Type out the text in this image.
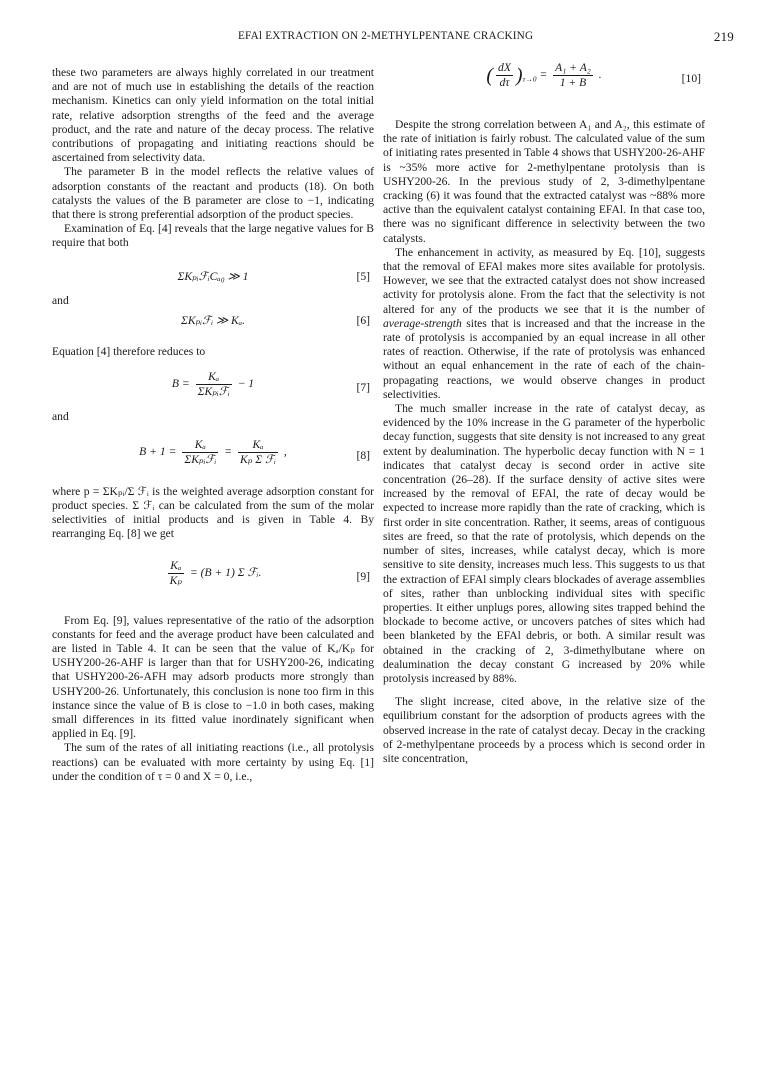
EFAl EXTRACTION ON 2-METHYLPENTANE CRACKING	219

these two parameters are always highly correlated in our treatment and are not of much use in establishing the details of the reaction mechanism. Kinetics can only yield information on the total initial rate, relative adsorption strengths of the feed and the average product, and the rate and nature of the decay process. The relative contributions of propagating and initiating reactions should be ascertained from selectivity data.

The parameter B in the model reflects the relative values of adsorption constants of the reactant and products (18). On both catalysts the values of the B parameter are close to −1, indicating that there is strong preferential adsorption of the product species.

Examination of Eq. [4] reveals that the large negative values for B require that both

ΣKₚᵢℱᵢCₐ₀ ≫ 1	[5]
and
ΣKₚᵢℱᵢ ≫ Kₐ.	[6]

Equation [4] therefore reduces to

$B = \frac{\text{Kₐ}}{\text{ΣKₚᵢℱᵢ}} - 1$	[7]
and
$B + 1 = \frac{\text{Kₐ}}{\text{ΣKₚᵢℱᵢ}} = \frac{\text{Kₐ}}{\text{Kₚ Σ ℱᵢ}}$ ,	[8]

where p = ΣKₚᵢ/Σ ℱᵢ is the weighted average adsorption constant for product species. Σ ℱᵢ can be calculated from the sum of the molar selectivities of initial products and is given in Table 4. By rearranging Eq. [8] we get

$\frac{\text{Kₐ}}{\text{Kₚ}} = (B + 1)$ Σ ℱᵢ.	[9]

From Eq. [9], values representative of the ratio of the adsorption constants for feed and the average product have been calculated and are listed in Table 4. It can be seen that the value of Kₐ/Kₚ for USHY200-26-AHF is larger than that for USHY200-26, indicating that USHY200-26-AFH may adsorb products more strongly than USHY200-26. Unfortunately, this conclusion is none too firm in this instance since the value of B is close to −1.0 in both cases, making small differences in its fitted value inordinately significant when applied in Eq. [9].

The sum of the rates of all initiating reactions (i.e., all protolysis reactions) can be evaluated with more certainty by using Eq. [1] under the condition of τ = 0 and X = 0, i.e.,

( $\frac{dX}{d\tau} )_{\tau\to 0} = \frac{\text{A₁ + A₂}}{1 + B}$ .	[10]

Despite the strong correlation between A₁ and A₂, this estimate of the rate of initiation is fairly robust. The calculated value of the sum of initiating rates presented in Table 4 shows that USHY200-26-AHF is ~35% more active for 2-methylpentane protolysis than is USHY200-26. In the previous study of 2, 3-dimethylpentane cracking (6) it was found that the extracted catalyst was ~88% more active than the equivalent catalyst containing EFAl. In that case too, there was no significant difference in selectivity between the two catalysts.

The enhancement in activity, as measured by Eq. [10], suggests that the removal of EFAl makes more sites available for protolysis. However, we see that the extracted catalyst does not show increased activity for protolysis alone. From the fact that the selectivity is not altered for any of the products we see that it is the number of average-strength sites that is increased and that the increase in the rate of protolysis is accompanied by an equal increase in all other rates of reaction. Otherwise, if the rate of protolysis was enhanced without an equal enhancement in the rate of each of the chain-propagating reactions, we would observe changes in product selectivities.

The much smaller increase in the rate of catalyst decay, as evidenced by the 10% increase in the G parameter of the hyperbolic decay function, suggests that site density is not increased to any great extent by dealumination. The hyperbolic decay function with N = 1 indicates that catalyst decay is second order in active site concentration (26–28). If the surface density of active sites were increased by the removal of EFAl, the rate of decay would be expected to increase more rapidly than the rate of cracking, which is first order in site concentration. Rather, it seems, areas of contiguous sites are freed, so that the rate of protolysis, which depends on the number of sites, increases, while catalyst decay, which is more sensitive to site density, increases much less. This suggests to us that the extraction of EFAl simply clears blockades of average assemblies of sites, rather than unblocking individual sites with specific properties. It either unplugs pores, allowing sites trapped behind the blockade to become active, or uncovers patches of sites which had been blanketed by the EFAl debris, or both. A similar result was obtained in the cracking of 2, 3-dimethylbutane where on dealumination the decay constant G increased by 20% while protolysis increased by 88%.

The slight increase, cited above, in the relative size of the equilibrium constant for the adsorption of products agrees with the observed increase in the rate of catalyst decay. Decay in the cracking of 2-methylpentane proceeds by a process which is second order in site concentration,
